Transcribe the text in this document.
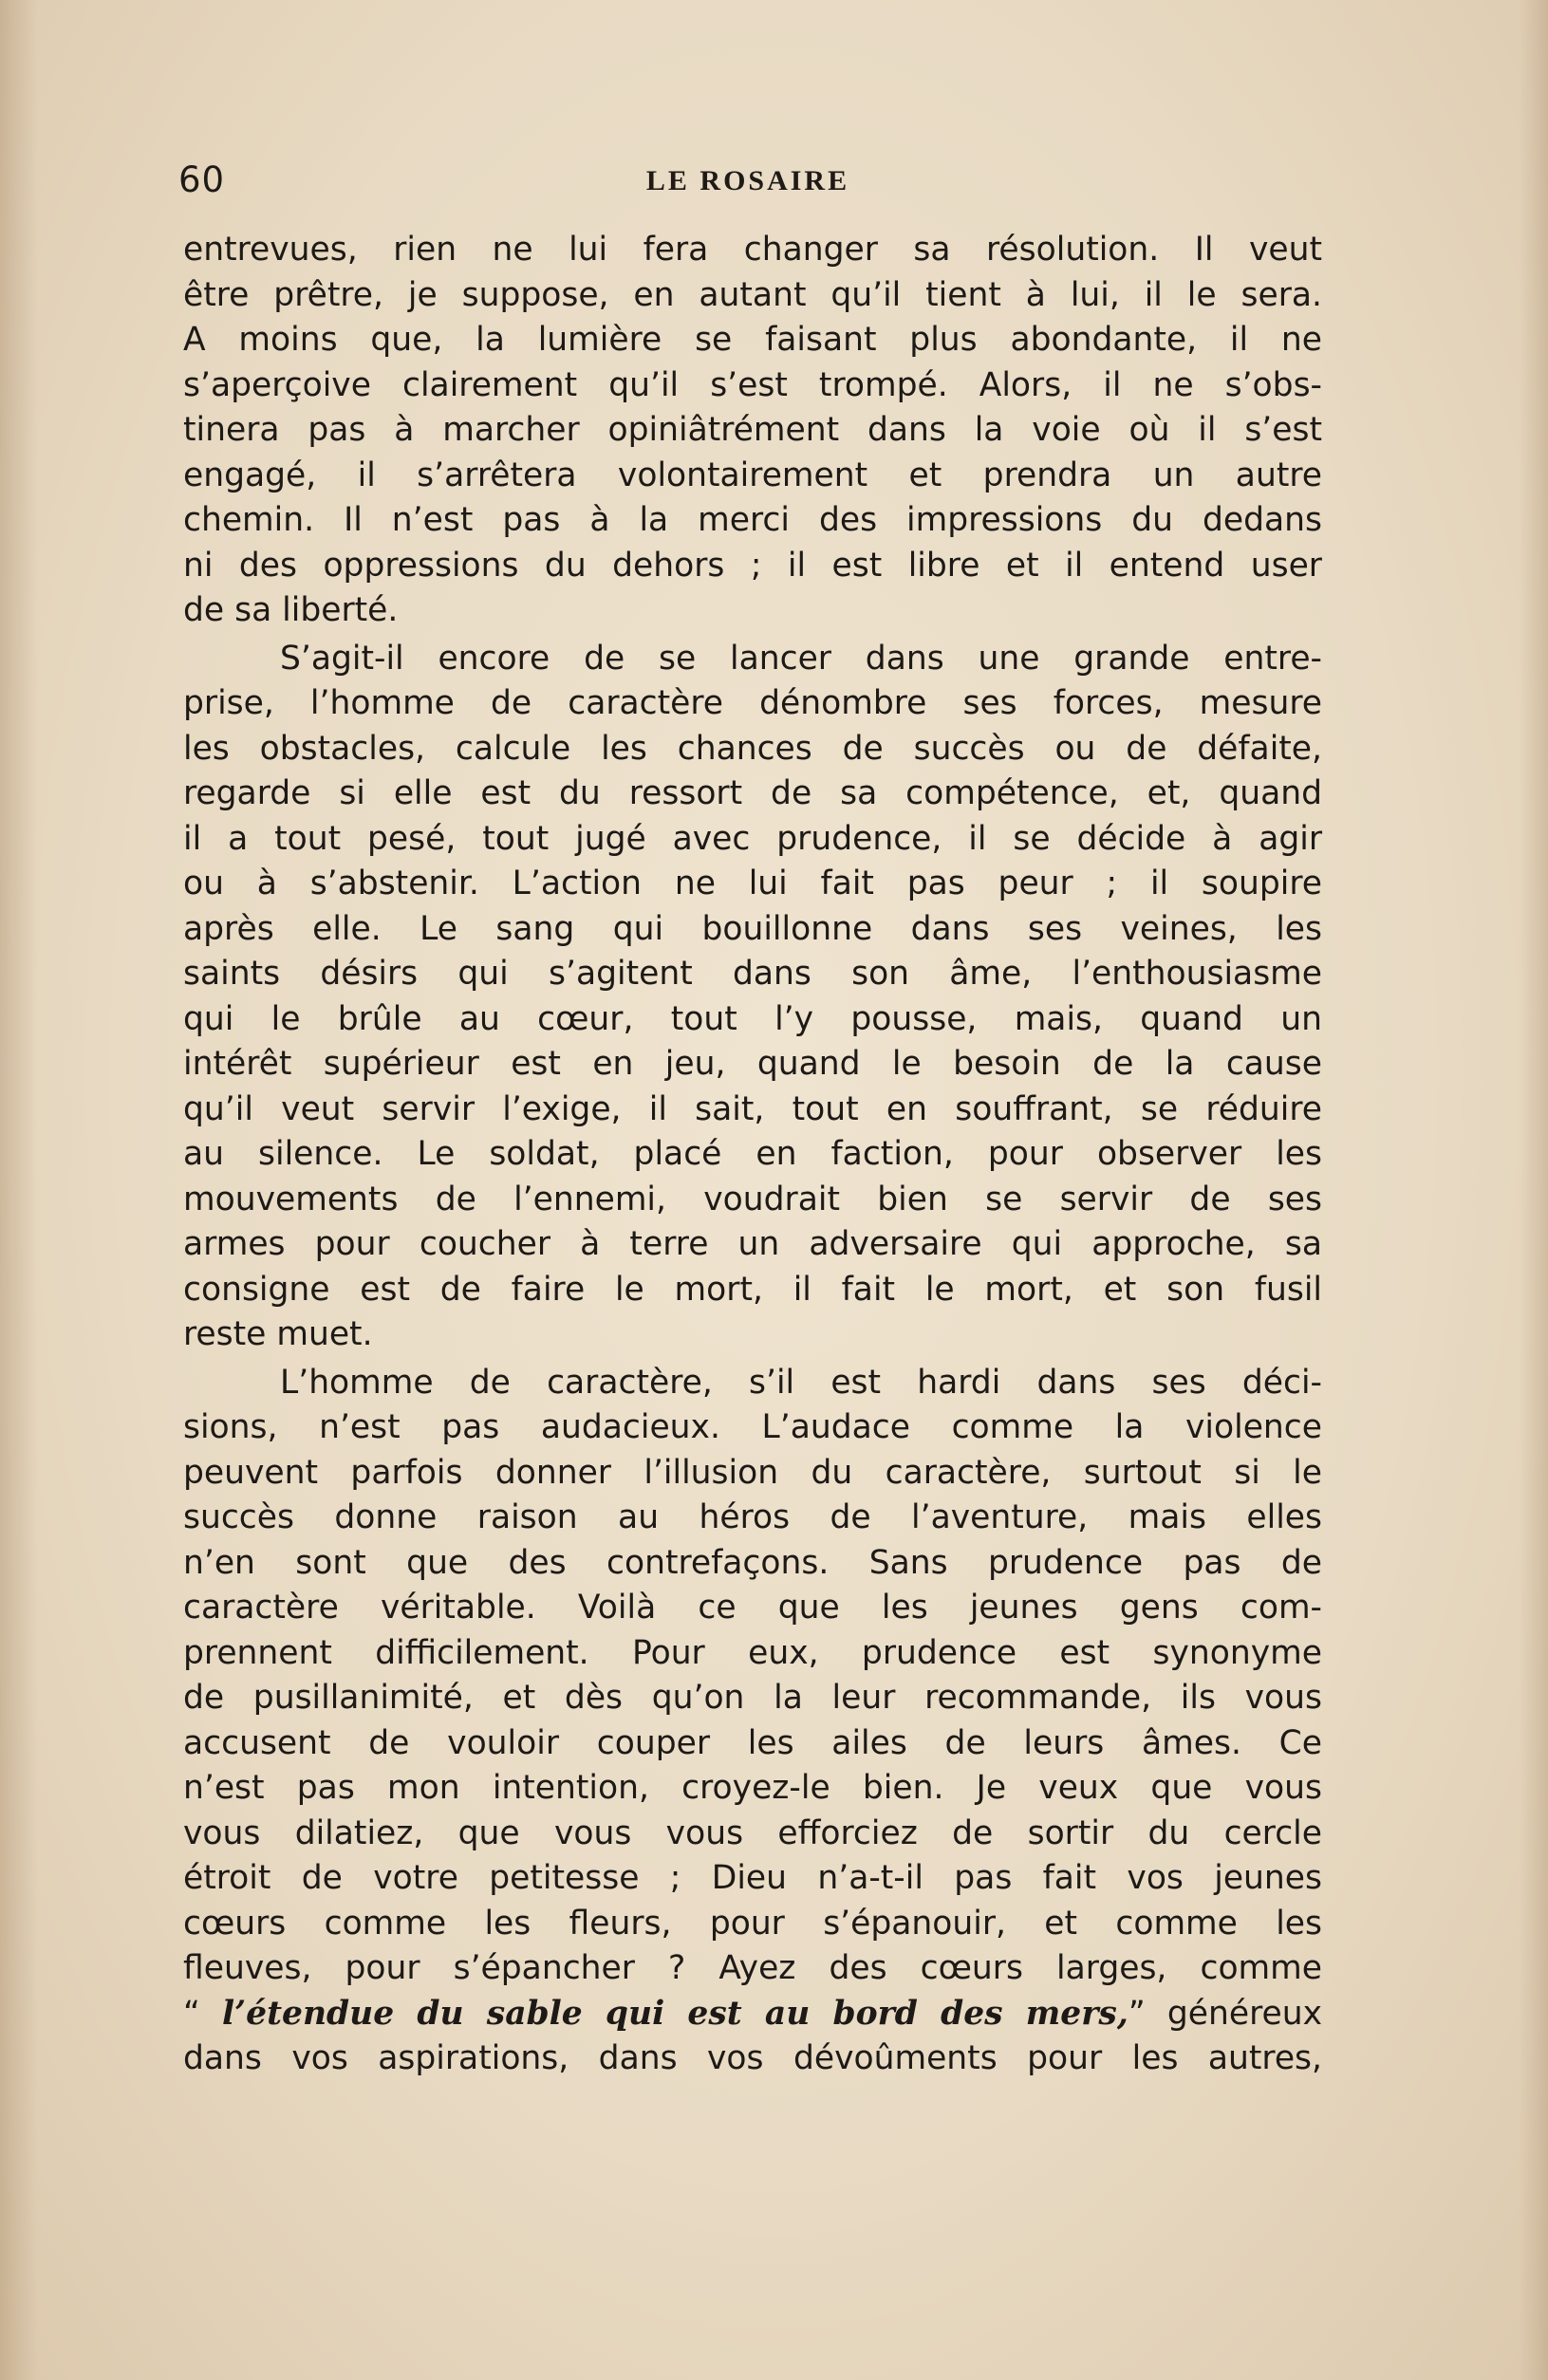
60	LE ROSAIRE
entrevues, rien ne lui fera changer sa résolution. Il veut
être prêtre, je suppose, en autant qu’il tient à lui, il le sera.
A moins que, la lumière se faisant plus abondante, il ne
s’aperçoive clairement qu’il s’est trompé. Alors, il ne s’obs-
tinera pas à marcher opiniâtrément dans la voie où il s’est
engagé, il s’arrêtera volontairement et prendra un autre
chemin. Il n’est pas à la merci des impressions du dedans
ni des oppressions du dehors ; il est libre et il entend user
de sa liberté.
S’agit-il encore de se lancer dans une grande entre-
prise, l’homme de caractère dénombre ses forces, mesure
les obstacles, calcule les chances de succès ou de défaite,
regarde si elle est du ressort de sa compétence, et, quand
il a tout pesé, tout jugé avec prudence, il se décide à agir
ou à s’abstenir. L’action ne lui fait pas peur ; il soupire
après elle. Le sang qui bouillonne dans ses veines, les
saints désirs qui s’agitent dans son âme, l’enthousiasme
qui le brûle au cœur, tout l’y pousse, mais, quand un
intérêt supérieur est en jeu, quand le besoin de la cause
qu’il veut servir l’exige, il sait, tout en souffrant, se réduire
au silence. Le soldat, placé en faction, pour observer les
mouvements de l’ennemi, voudrait bien se servir de ses
armes pour coucher à terre un adversaire qui approche, sa
consigne est de faire le mort, il fait le mort, et son fusil
reste muet.
L’homme de caractère, s’il est hardi dans ses déci-
sions, n’est pas audacieux. L’audace comme la violence
peuvent parfois donner l’illusion du caractère, surtout si le
succès donne raison au héros de l’aventure, mais elles
n’en sont que des contrefaçons. Sans prudence pas de
caractère véritable. Voilà ce que les jeunes gens com-
prennent difficilement. Pour eux, prudence est synonyme
de pusillanimité, et dès qu’on la leur recommande, ils vous
accusent de vouloir couper les ailes de leurs âmes. Ce
n’est pas mon intention, croyez-le bien. Je veux que vous
vous dilatiez, que vous vous efforciez de sortir du cercle
étroit de votre petitesse ; Dieu n’a-t-il pas fait vos jeunes
cœurs comme les fleurs, pour s’épanouir, et comme les
fleuves, pour s’épancher ? Ayez des cœurs larges, comme
“ l’étendue du sable qui est au bord des mers,” généreux
dans vos aspirations, dans vos dévoûments pour les autres,
